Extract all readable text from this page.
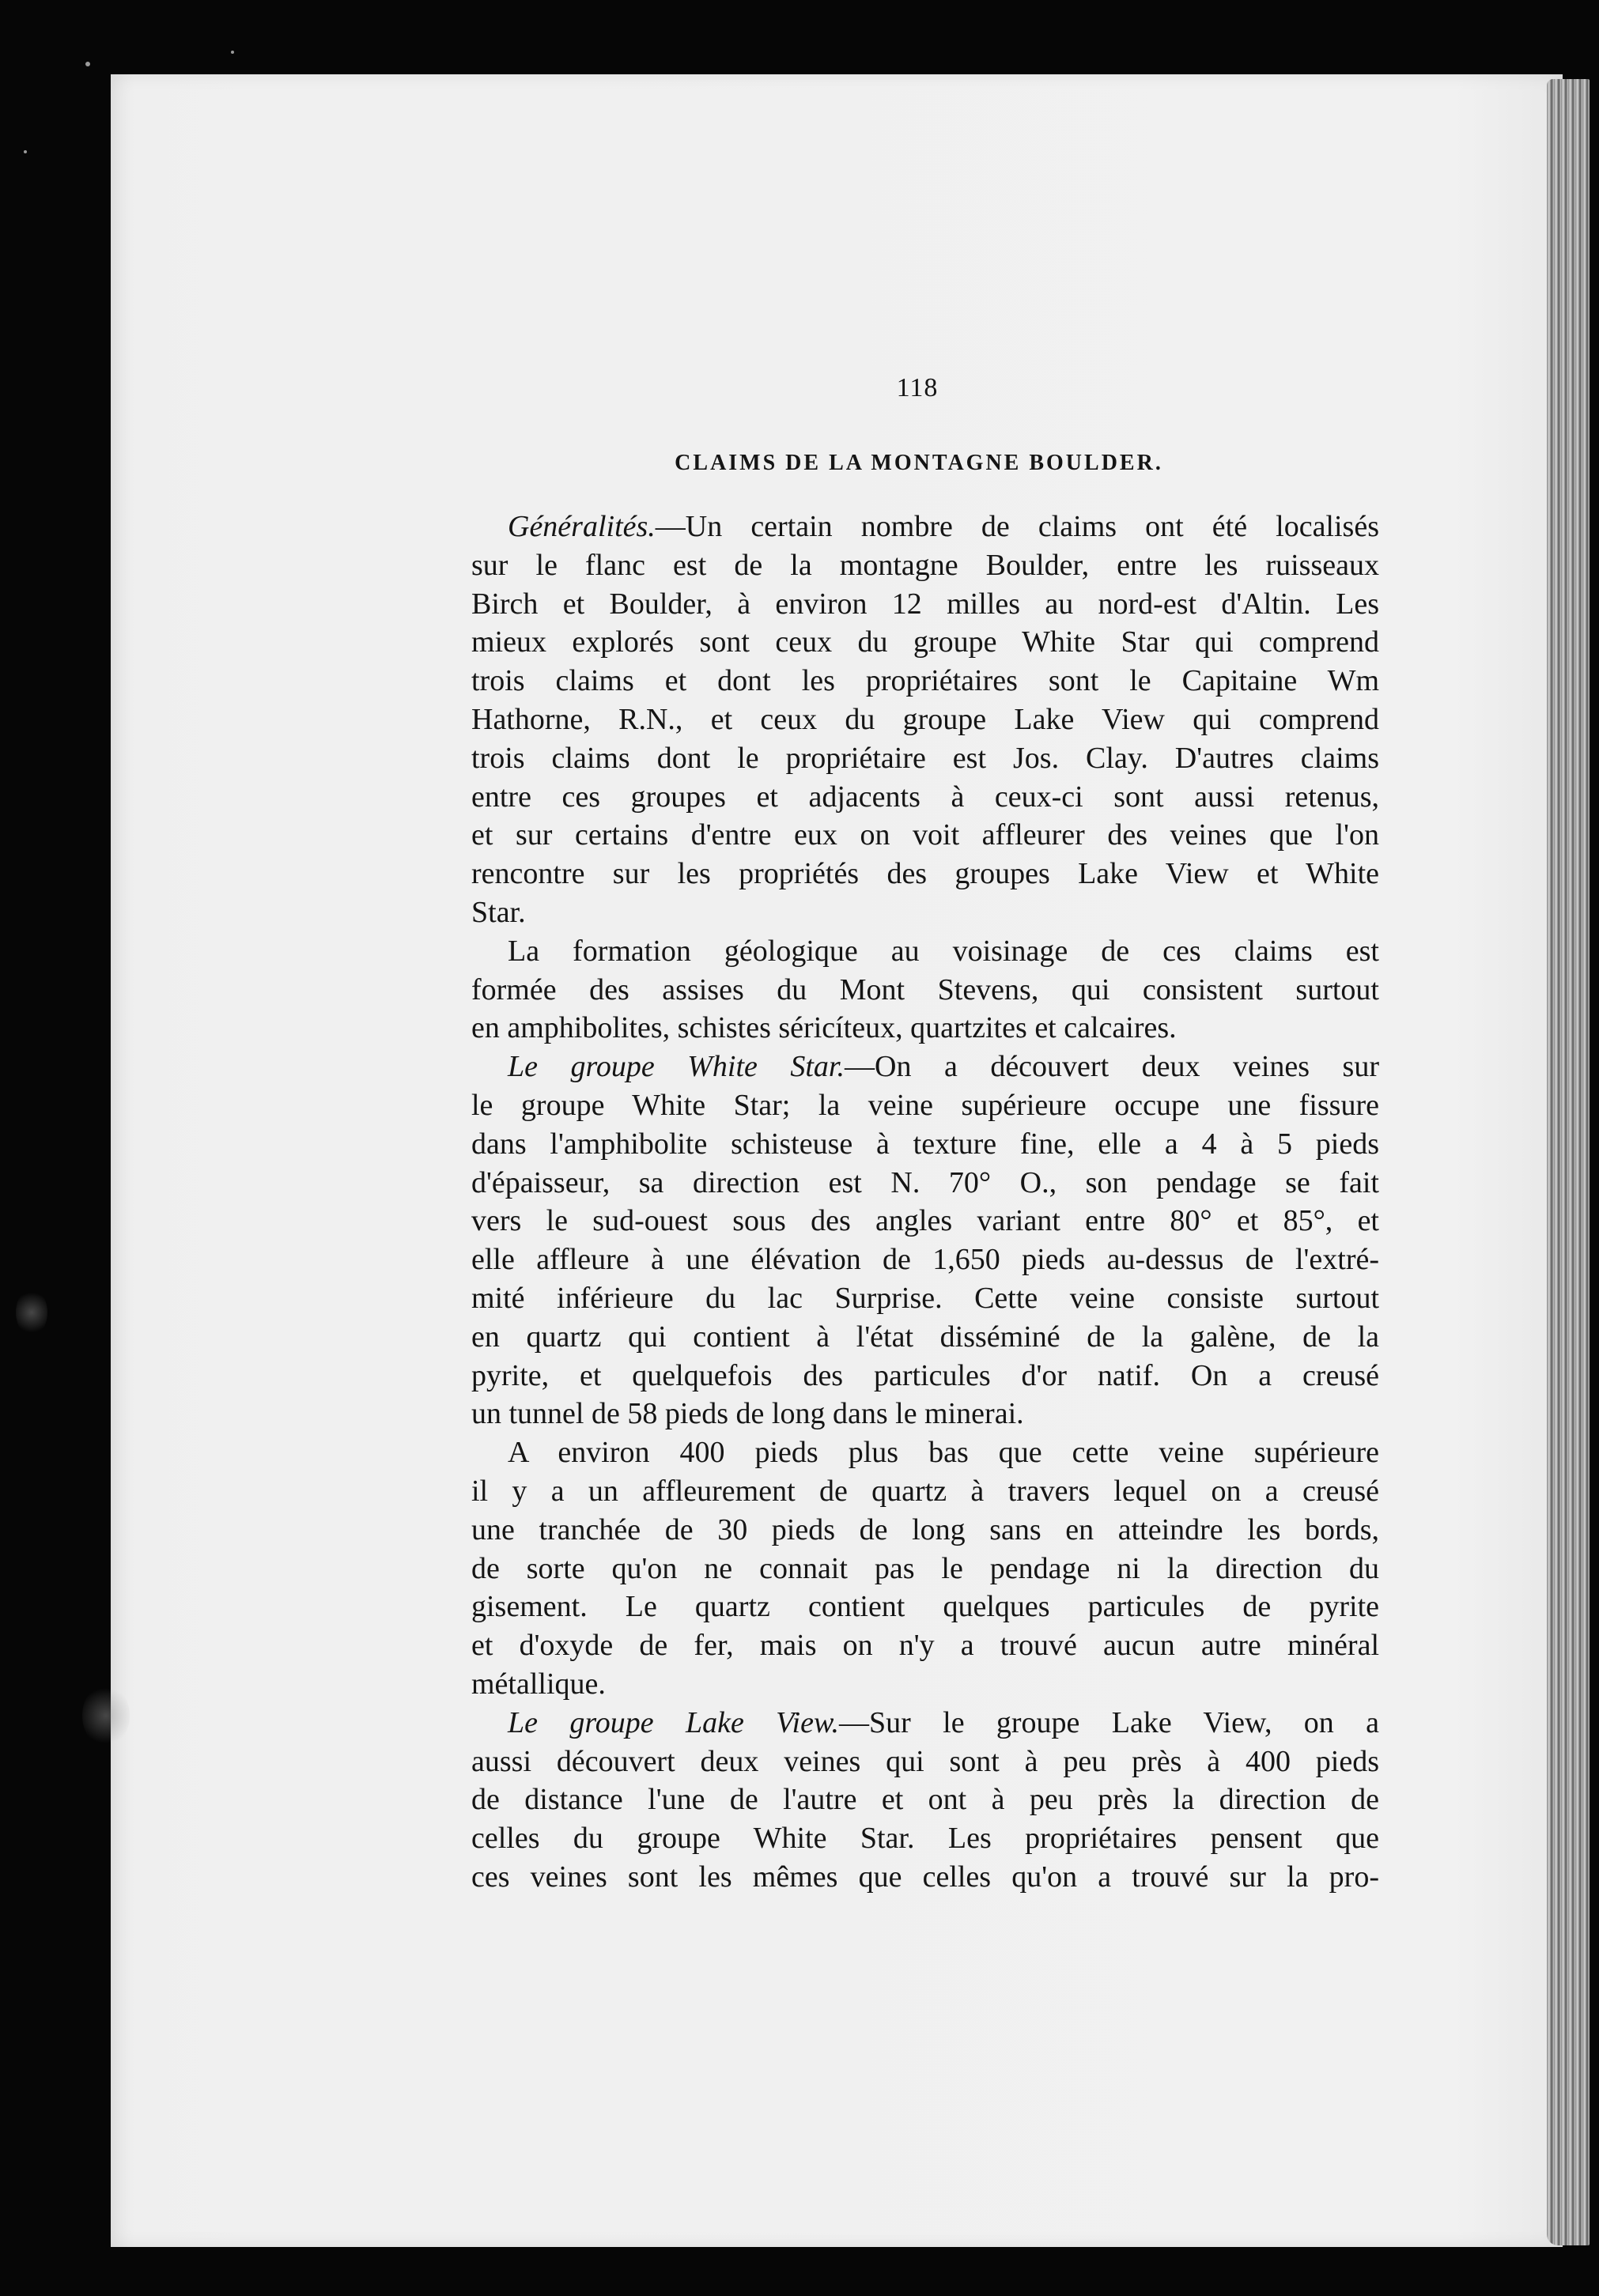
118
CLAIMS DE LA MONTAGNE BOULDER.
Généralités.—Un certain nombre de claims ont été localisés
sur le flanc est de la montagne Boulder, entre les ruisseaux
Birch et Boulder, à environ 12 milles au nord-est d'Altin. Les
mieux explorés sont ceux du groupe White Star qui comprend
trois claims et dont les propriétaires sont le Capitaine Wm
Hathorne, R.N., et ceux du groupe Lake View qui comprend
trois claims dont le propriétaire est Jos. Clay. D'autres claims
entre ces groupes et adjacents à ceux-ci sont aussi retenus,
et sur certains d'entre eux on voit affleurer des veines que l'on
rencontre sur les propriétés des groupes Lake View et White
Star.
La formation géologique au voisinage de ces claims est
formée des assises du Mont Stevens, qui consistent surtout
en amphibolites, schistes séricíteux, quartzites et calcaires.
Le groupe White Star.—On a découvert deux veines sur
le groupe White Star; la veine supérieure occupe une fissure
dans l'amphibolite schisteuse à texture fine, elle a 4 à 5 pieds
d'épaisseur, sa direction est N. 70° O., son pendage se fait
vers le sud-ouest sous des angles variant entre 80° et 85°, et
elle affleure à une élévation de 1,650 pieds au-dessus de l'extré-
mité inférieure du lac Surprise. Cette veine consiste surtout
en quartz qui contient à l'état disséminé de la galène, de la
pyrite, et quelquefois des particules d'or natif. On a creusé
un tunnel de 58 pieds de long dans le minerai.
A environ 400 pieds plus bas que cette veine supérieure
il y a un affleurement de quartz à travers lequel on a creusé
une tranchée de 30 pieds de long sans en atteindre les bords,
de sorte qu'on ne connait pas le pendage ni la direction du
gisement. Le quartz contient quelques particules de pyrite
et d'oxyde de fer, mais on n'y a trouvé aucun autre minéral
métallique.
Le groupe Lake View.—Sur le groupe Lake View, on a
aussi découvert deux veines qui sont à peu près à 400 pieds
de distance l'une de l'autre et ont à peu près la direction de
celles du groupe White Star. Les propriétaires pensent que
ces veines sont les mêmes que celles qu'on a trouvé sur la pro-
